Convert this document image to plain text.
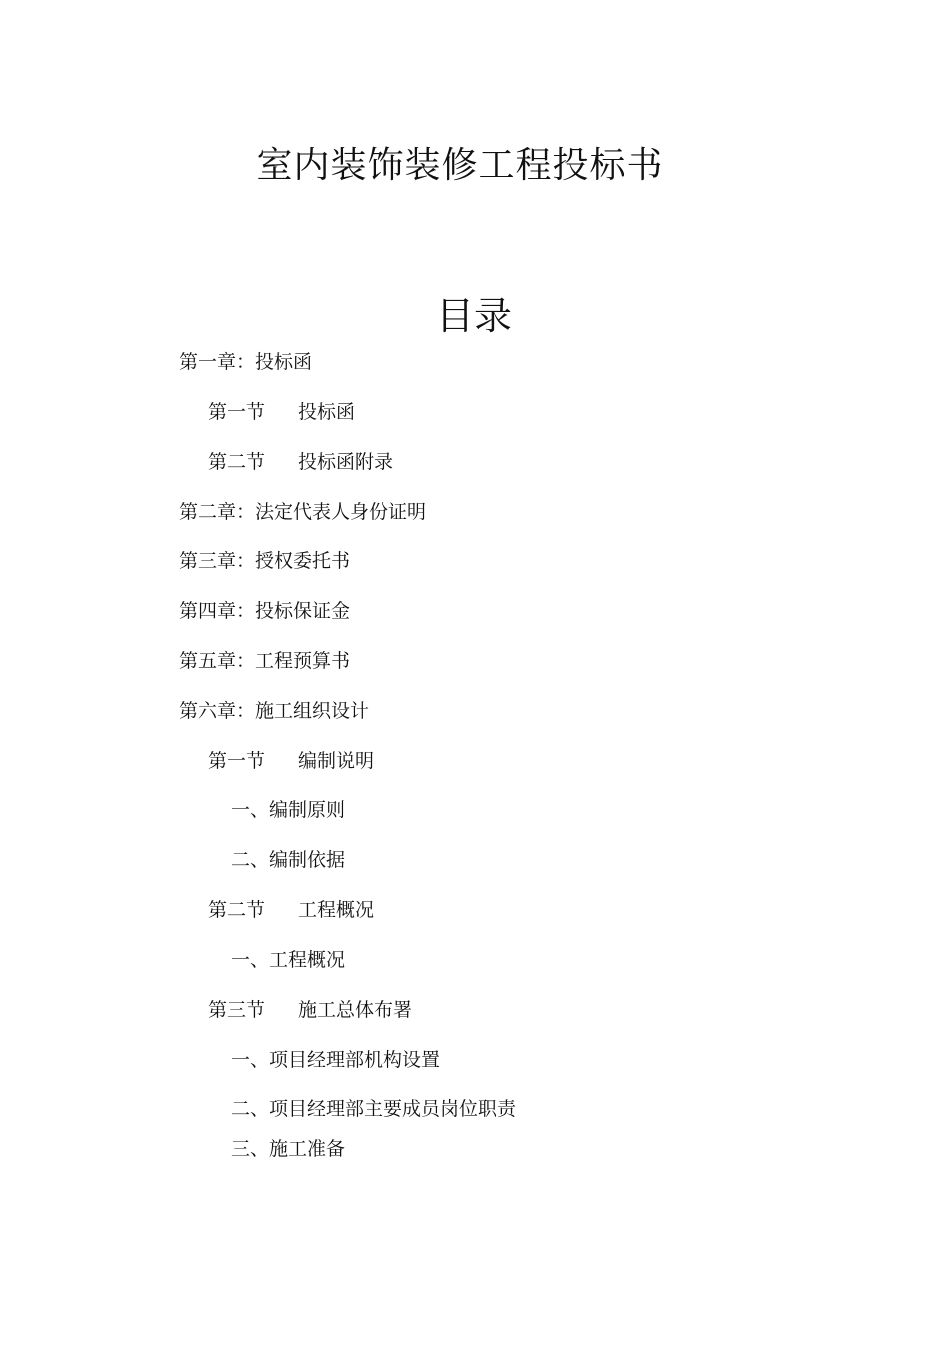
室内装饰装修工程投标书
目录
第一章：投标函
第一节 投标函
第二节 投标函附录
第二章：法定代表人身份证明
第三章：授权委托书
第四章：投标保证金
第五章：工程预算书
第六章：施工组织设计
第一节 编制说明
一、编制原则
二、编制依据
第二节 工程概况
一、工程概况
第三节 施工总体布署
一、项目经理部机构设置
二、项目经理部主要成员岗位职责
三、施工准备
